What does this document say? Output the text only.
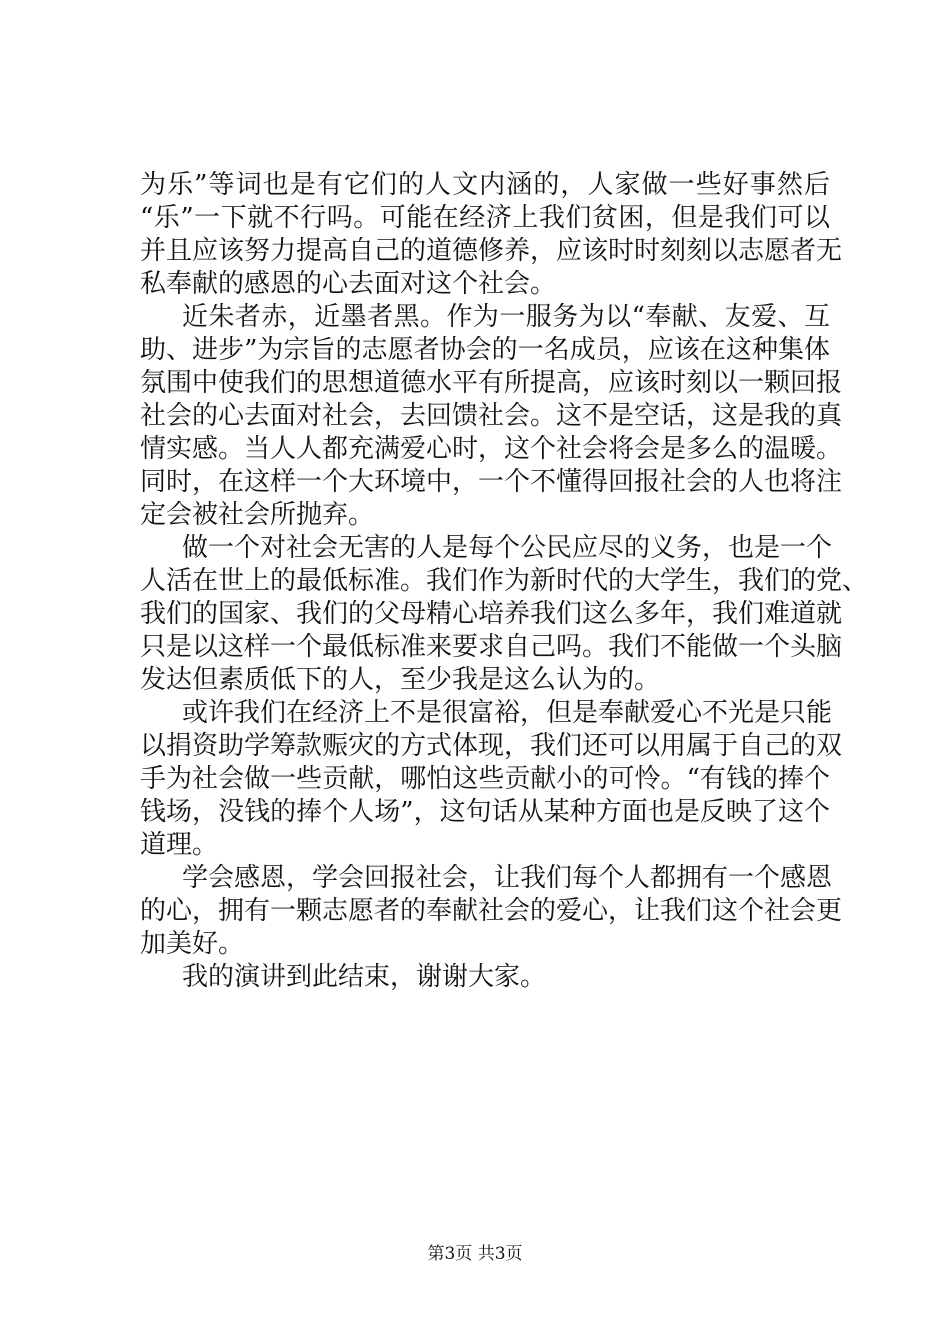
为乐”等词也是有它们的人文内涵的，人家做一些好事然后
“乐”一下就不行吗。可能在经济上我们贫困，但是我们可以
并且应该努力提高自己的道德修养，应该时时刻刻以志愿者无
私奉献的感恩的心去面对这个社会。
近朱者赤，近墨者黑。作为一服务为以“奉献、友爱、互
助、进步”为宗旨的志愿者协会的一名成员，应该在这种集体
氛围中使我们的思想道德水平有所提高，应该时刻以一颗回报
社会的心去面对社会，去回馈社会。这不是空话，这是我的真
情实感。当人人都充满爱心时，这个社会将会是多么的温暖。
同时，在这样一个大环境中，一个不懂得回报社会的人也将注
定会被社会所抛弃。
做一个对社会无害的人是每个公民应尽的义务，也是一个
人活在世上的最低标准。我们作为新时代的大学生，我们的党、
我们的国家、我们的父母精心培养我们这么多年，我们难道就
只是以这样一个最低标准来要求自己吗。我们不能做一个头脑
发达但素质低下的人，至少我是这么认为的。
或许我们在经济上不是很富裕，但是奉献爱心不光是只能
以捐资助学筹款赈灾的方式体现，我们还可以用属于自己的双
手为社会做一些贡献，哪怕这些贡献小的可怜。“有钱的捧个
钱场，没钱的捧个人场”，这句话从某种方面也是反映了这个
道理。
学会感恩，学会回报社会，让我们每个人都拥有一个感恩
的心，拥有一颗志愿者的奉献社会的爱心，让我们这个社会更
加美好。
我的演讲到此结束，谢谢大家。
第3页 共3页
